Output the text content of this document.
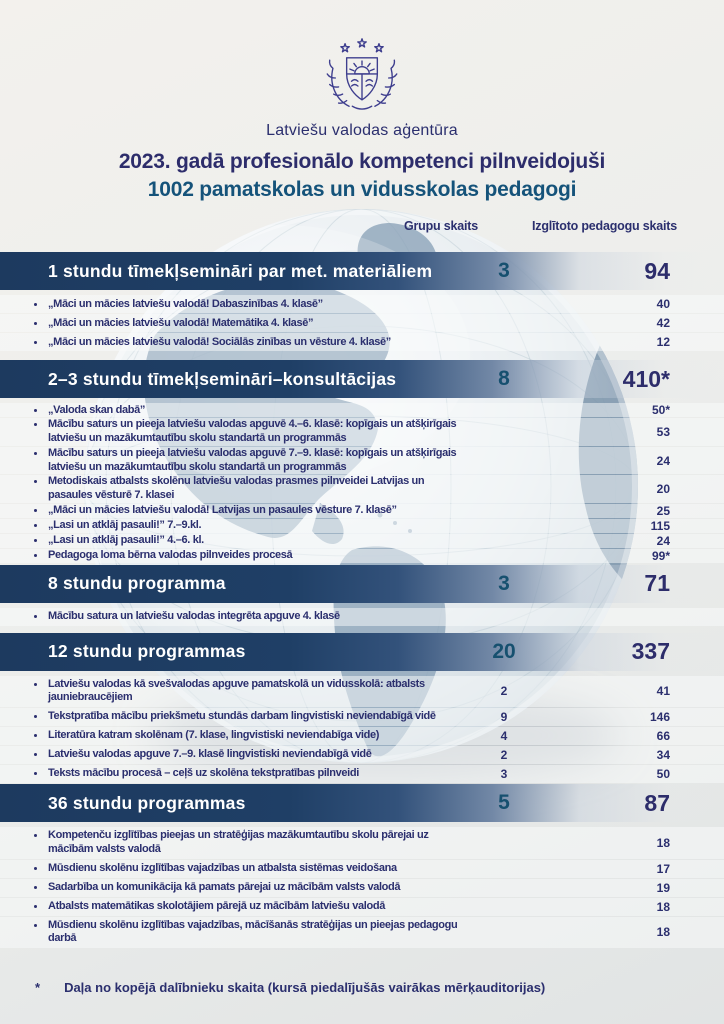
Latviešu valodas aģentūra
2023. gadā profesionālo kompetenci pilnveidojuši
1002 pamatskolas un vidusskolas pedagogi
Grupu skaits	Izglītoto pedagogu skaits
1 stundu tīmekļsemināri par met. materiāliem	3	94
„Māci un mācies latviešu valodā! Dabaszinības 4. klasē”	40
„Māci un mācies latviešu valodā! Matemātika 4. klasē”	42
„Māci un mācies latviešu valodā! Sociālās zinības un vēsture 4. klasē”	12
2–3 stundu tīmekļsemināri–konsultācijas	8	410*
„Valoda skan dabā”	50*
Mācību saturs un pieeja latviešu valodas apguvē 4.–6. klasē: kopīgais un atšķirīgais latviešu un mazākumtautību skolu standartā un programmās	53
Mācību saturs un pieeja latviešu valodas apguvē 7.–9. klasē: kopīgais un atšķirīgais latviešu un mazākumtautību skolu standartā un programmās	24
Metodiskais atbalsts skolēnu latviešu valodas prasmes pilnveidei Latvijas un pasaules vēsturē 7. klasei	20
„Māci un mācies latviešu valodā! Latvijas un pasaules vēsture 7. klasē”	25
„Lasi un atklāj pasauli!” 7.–9.kl.	115
„Lasi un atklāj pasauli!” 4.–6. kl.	24
Pedagoga loma bērna valodas pilnveides procesā	99*
8 stundu programma	3	71
Mācību satura un latviešu valodas integrēta apguve 4. klasē
12 stundu programmas	20	337
Latviešu valodas kā svešvalodas apguve pamatskolā un vidusskolā: atbalsts jauniebraucējiem	2	41
Tekstpratība mācību priekšmetu stundās darbam lingvistiski neviendabīgā vidē	9	146
Literatūra katram skolēnam (7. klase, lingvistiski neviendabīga vide)	4	66
Latviešu valodas apguve 7.–9. klasē lingvistiski neviendabīgā vidē	2	34
Teksts mācību procesā – ceļš uz skolēna tekstpratības pilnveidi	3	50
36 stundu programmas	5	87
Kompetenču izglītības pieejas un stratēģijas mazākumtautību skolu pārejai uz mācībām valsts valodā	18
Mūsdienu skolēnu izglītības vajadzības un atbalsta sistēmas veidošana	17
Sadarbība un komunikācija kā pamats pārejai uz mācībām valsts valodā	19
Atbalsts matemātikas skolotājiem pārejā uz mācībām latviešu valodā	18
Mūsdienu skolēnu izglītības vajadzības, mācīšanās stratēģijas un pieejas pedagogu darbā	18
* Daļa no kopējā dalībnieku skaita (kursā piedalījušās vairākas mērķauditorijas)
